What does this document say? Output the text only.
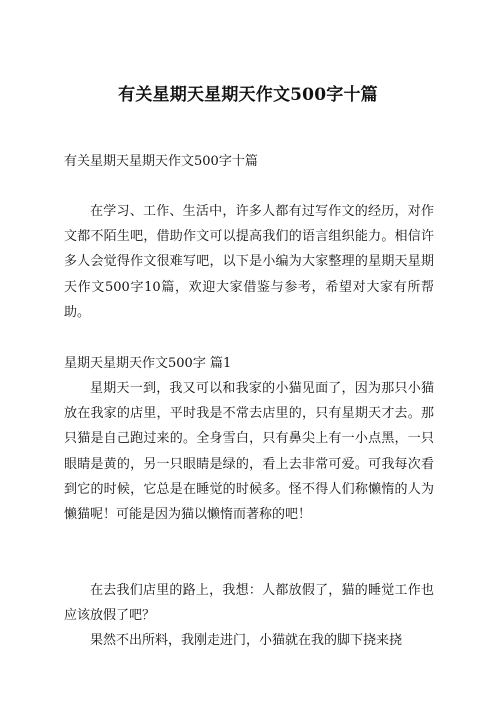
有关星期天星期天作文500字十篇
有关星期天星期天作文500字十篇

在学习、工作、生活中，许多人都有过写作文的经历，对作文都不陌生吧，借助作文可以提高我们的语言组织能力。相信许多人会觉得作文很难写吧，以下是小编为大家整理的星期天星期天作文500字10篇，欢迎大家借鉴与参考，希望对大家有所帮助。

星期天星期天作文500字 篇1

星期天一到，我又可以和我家的小猫见面了，因为那只小猫放在我家的店里，平时我是不常去店里的，只有星期天才去。那只猫是自己跑过来的。全身雪白，只有鼻尖上有一小点黑，一只眼睛是黄的，另一只眼睛是绿的，看上去非常可爱。可我每次看到它的时候，它总是在睡觉的时候多。怪不得人们称懒惰的人为懒猫呢！可能是因为猫以懒惰而著称的吧！

在去我们店里的路上，我想：人都放假了，猫的睡觉工作也应该放假了吧？

果然不出所料，我刚走进门，小猫就在我的脚下挠来挠
